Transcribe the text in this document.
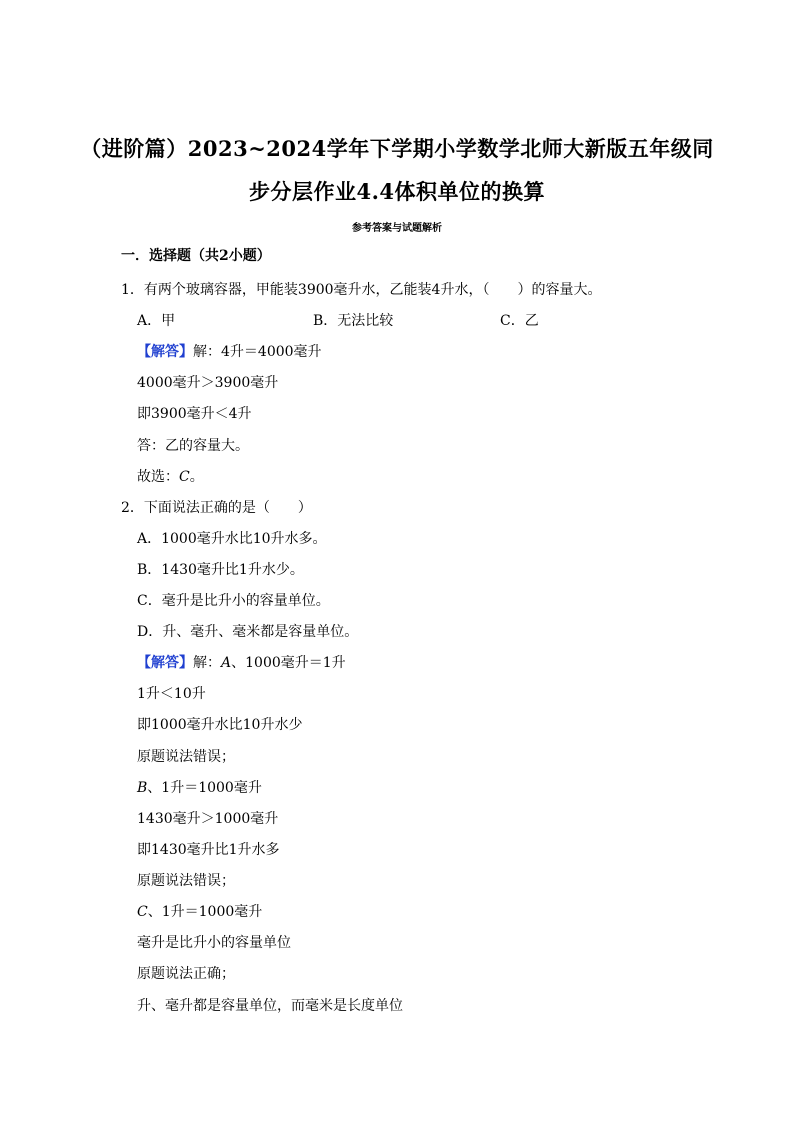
（进阶篇）2023~2024学年下学期小学数学北师大新版五年级同
步分层作业4.4体积单位的换算
参考答案与试题解析
一．选择题（共2小题）
1．有两个玻璃容器，甲能装3900毫升水，乙能装4升水，（　　）的容量大。
A．甲	B．无法比较	C．乙
【解答】解：4升＝4000毫升
4000毫升＞3900毫升
即3900毫升＜4升
答：乙的容量大。
故选：C。
2．下面说法正确的是（　　）
A．1000毫升水比10升水多。
B．1430毫升比1升水少。
C．毫升是比升小的容量单位。
D．升、毫升、毫米都是容量单位。
【解答】解：A、1000毫升＝1升
1升＜10升
即1000毫升水比10升水少
原题说法错误；
B、1升＝1000毫升
1430毫升＞1000毫升
即1430毫升比1升水多
原题说法错误；
C、1升＝1000毫升
毫升是比升小的容量单位
原题说法正确；
升、毫升都是容量单位，而毫米是长度单位
